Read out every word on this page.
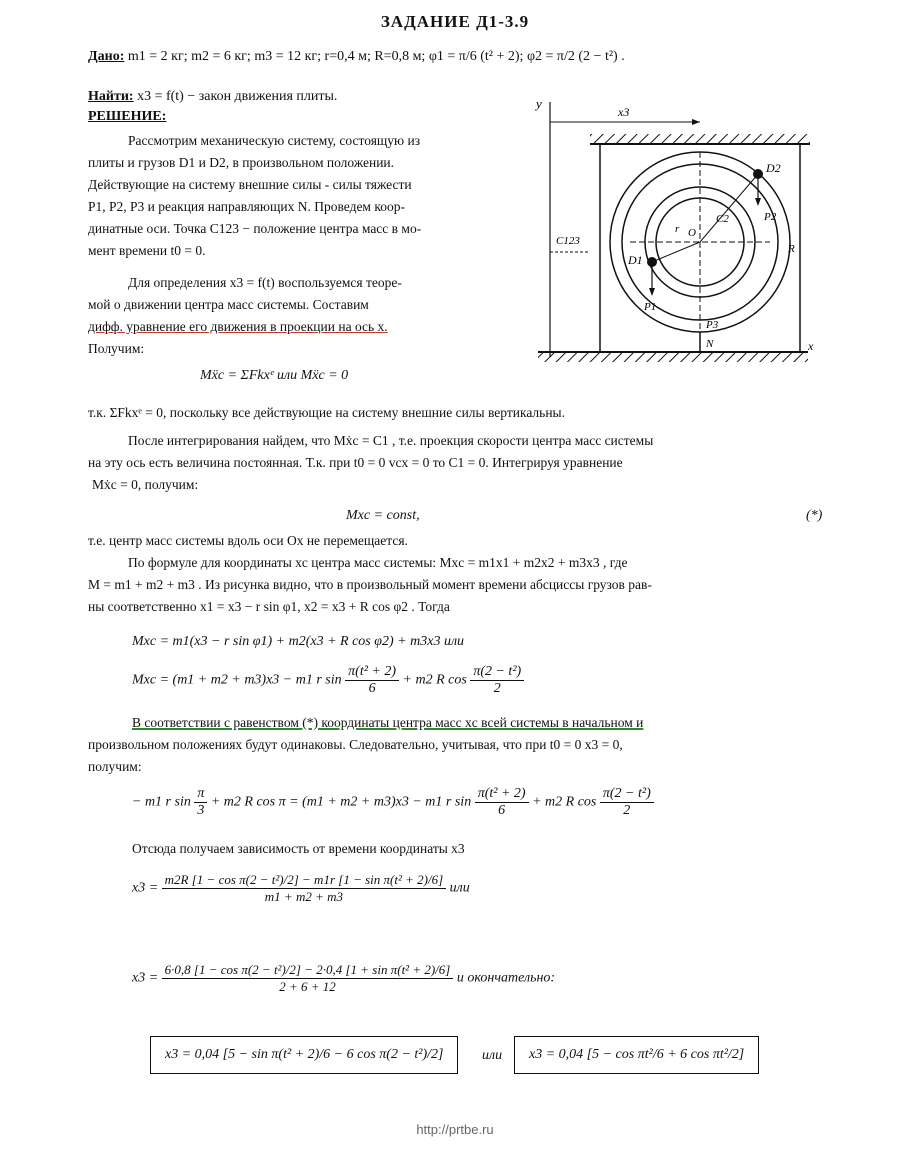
ЗАДАНИЕ Д1-3.9
Дано: m1 = 2 кг; m2 = 6 кг; m3 = 12 кг; r=0,4 м; R=0,8 м; φ1 = π/6 (t² + 2); φ2 = π/2 (2 − t²) .
Найти: x3 = f(t) − закон движения плиты.
РЕШЕНИЕ:
Рассмотрим механическую систему, состоящую из
плиты и грузов D1 и D2, в произвольном положении.
Действующие на систему внешние силы - силы тяжести
P1, P2, P3 и реакция направляющих N. Проведем коор-
динатные оси. Точка C123 − положение центра масс в мо-
мент времени t0 = 0.
Для определения x3 = f(t) воспользуемся теоре-
мой о движении центра масс системы. Составим
дифф. уравнение его движения в проекции на ось x.
Получим:
Mẍc = ΣFkxᵉ или Mẍc = 0
y
x
x3
C123
D2
D1
P1
P2
P3
N
R
r
C2
O
т.к. ΣFkxᵉ = 0, поскольку все действующие на систему внешние силы вертикальны.
После интегрирования найдем, что Mẋc = C1 , т.е. проекция скорости центра масс системы
на эту ось есть величина постоянная. Т.к. при t0 = 0 vcx = 0 то C1 = 0. Интегрируя уравнение
Mẋc = 0, получим:
Mxc = const,	(*)
т.е. центр масс системы вдоль оси Ox не перемещается.
По формуле для координаты xc центра масс системы: Mxc = m1x1 + m2x2 + m3x3 , где
M = m1 + m2 + m3 . Из рисунка видно, что в произвольный момент времени абсциссы грузов рав-
ны соответственно x1 = x3 − r sin φ1, x2 = x3 + R cos φ2 . Тогда
Mxc = m1(x3 − r sin φ1) + m2(x3 + R cos φ2) + m3x3 или
Mxc = (m1 + m2 + m3)x3 − m1 r $\sin \frac{\text{π(t² + 2)}}{6} + m2$ R $\cos \frac{\text{π(2 − t²)}}{2}$
В соответствии с равенством (*) координаты центра масс xc всей системы в начальном и
произвольном положениях будут одинаковы. Следовательно, учитывая, что при t0 = 0 x3 = 0,
получим:
− m1 r $\sin \frac{\pi}{3} + m2$ R cos π = (m1 + m2 + m3)x3 − m1 r $\sin \frac{\text{π(t² + 2)}}{6} + m2$ R $\cos \frac{\text{π(2 − t²)}}{2}$
Отсюда получаем зависимость от времени координаты x3
$x3 = \frac{\text{m2R [1 − cos π(2 − t²)/2] − m1r [1 − sin π(t² + 2)/6]}}{m1 + m2 + m3}$ или
$x3 = \frac{\text{6·0,8 [1 − cos π(2 − t²)/2] − 2·0,4 [1 + sin π(t² + 2)/6]}}{2 + 6 + 12}$ и окончательно:
x3 = 0,04 [5 − sin π(t² + 2)/6 − 6 cos π(2 − t²)/2]	или	x3 = 0,04 [5 − cos πt²/6 + 6 cos πt²/2]
http://prtbe.ru
